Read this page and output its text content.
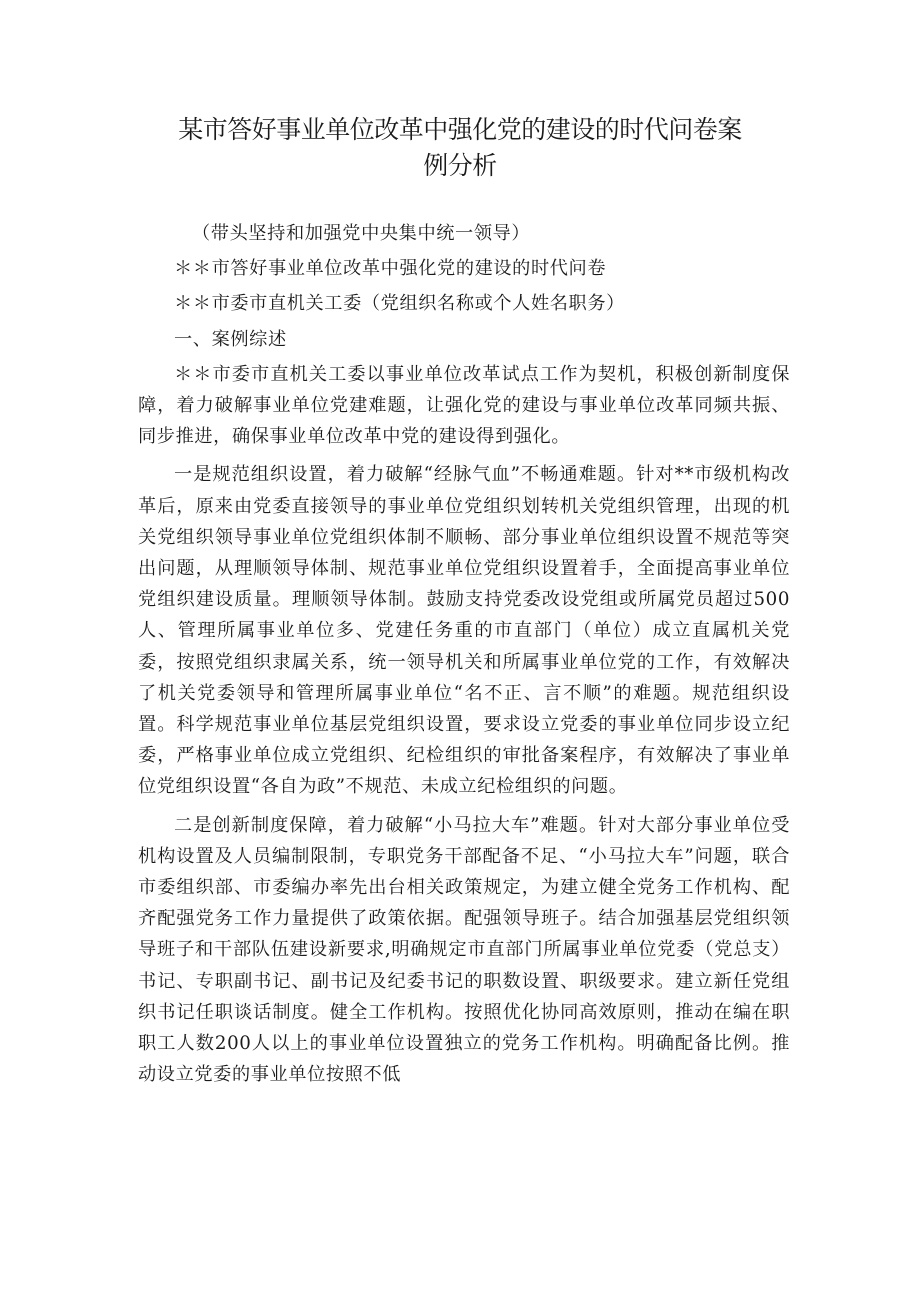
某市答好事业单位改革中强化党的建设的时代问卷案
例分析

（带头坚持和加强党中央集中统一领导）

＊＊市答好事业单位改革中强化党的建设的时代问卷

＊＊市委市直机关工委（党组织名称或个人姓名职务）

一、案例综述

＊＊市委市直机关工委以事业单位改革试点工作为契机，积极创新制度保障，着力破解事业单位党建难题，让强化党的建设与事业单位改革同频共振、同步推进，确保事业单位改革中党的建设得到强化。

一是规范组织设置，着力破解“经脉气血”不畅通难题。针对**市级机构改革后，原来由党委直接领导的事业单位党组织划转机关党组织管理，出现的机关党组织领导事业单位党组织体制不顺畅、部分事业单位组织设置不规范等突出问题，从理顺领导体制、规范事业单位党组织设置着手，全面提高事业单位党组织建设质量。理顺领导体制。鼓励支持党委改设党组或所属党员超过500人、管理所属事业单位多、党建任务重的市直部门（单位）成立直属机关党委，按照党组织隶属关系，统一领导机关和所属事业单位党的工作，有效解决了机关党委领导和管理所属事业单位“名不正、言不顺”的难题。规范组织设置。科学规范事业单位基层党组织设置，要求设立党委的事业单位同步设立纪委，严格事业单位成立党组织、纪检组织的审批备案程序，有效解决了事业单位党组织设置“各自为政”不规范、未成立纪检组织的问题。

二是创新制度保障，着力破解“小马拉大车”难题。针对大部分事业单位受机构设置及人员编制限制，专职党务干部配备不足、“小马拉大车”问题，联合市委组织部、市委编办率先出台相关政策规定，为建立健全党务工作机构、配齐配强党务工作力量提供了政策依据。配强领导班子。结合加强基层党组织领导班子和干部队伍建设新要求,明确规定市直部门所属事业单位党委（党总支）书记、专职副书记、副书记及纪委书记的职数设置、职级要求。建立新任党组织书记任职谈话制度。健全工作机构。按照优化协同高效原则，推动在编在职职工人数200人以上的事业单位设置独立的党务工作机构。明确配备比例。推动设立党委的事业单位按照不低
